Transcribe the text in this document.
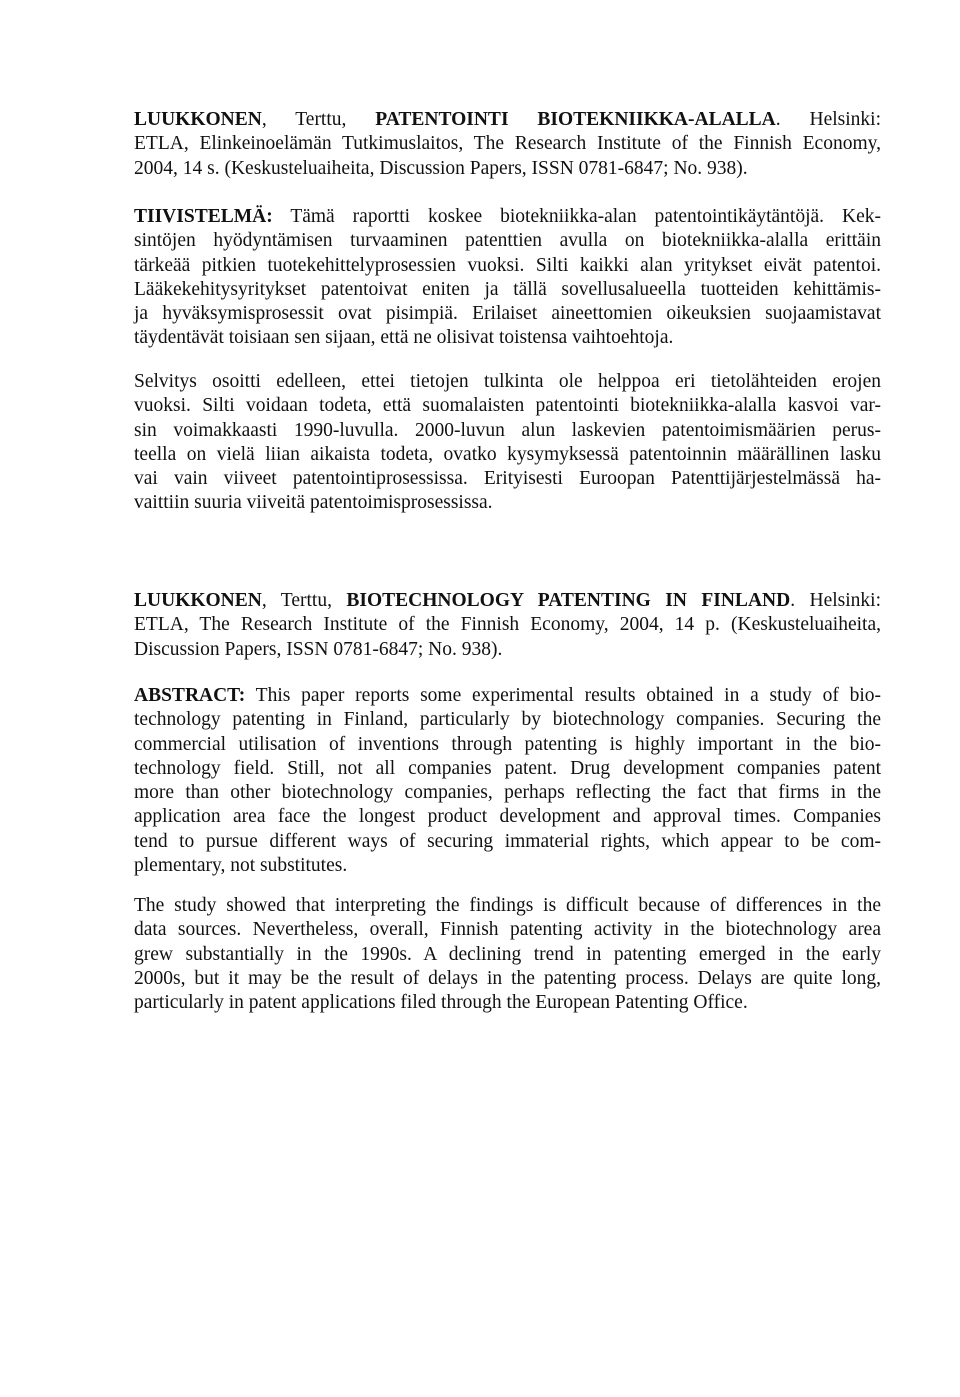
LUUKKONEN, Terttu, PATENTOINTI BIOTEKNIIKKA-ALALLA. Helsinki:
ETLA, Elinkeinoelämän Tutkimuslaitos, The Research Institute of the Finnish Economy,
2004, 14 s. (Keskusteluaiheita, Discussion Papers, ISSN 0781-6847; No. 938).
TIIVISTELMÄ: Tämä raportti koskee biotekniikka-alan patentointikäytäntöjä. Kek-
sintöjen hyödyntämisen turvaaminen patenttien avulla on biotekniikka-alalla erittäin
tärkeää pitkien tuotekehittelyprosessien vuoksi. Silti kaikki alan yritykset eivät patentoi.
Lääkekehitysyritykset patentoivat eniten ja tällä sovellusalueella tuotteiden kehittämis-
ja hyväksymisprosessit ovat pisimpiä. Erilaiset aineettomien oikeuksien suojaamistavat
täydentävät toisiaan sen sijaan, että ne olisivat toistensa vaihtoehtoja.
Selvitys osoitti edelleen, ettei tietojen tulkinta ole helppoa eri tietolähteiden erojen
vuoksi. Silti voidaan todeta, että suomalaisten patentointi biotekniikka-alalla kasvoi var-
sin voimakkaasti 1990-luvulla. 2000-luvun alun laskevien patentoimismäärien perus-
teella on vielä liian aikaista todeta, ovatko kysymyksessä patentoinnin määrällinen lasku
vai vain viiveet patentointiprosessissa. Erityisesti Euroopan Patenttijärjestelmässä ha-
vaittiin suuria viiveitä patentoimisprosessissa.
LUUKKONEN, Terttu, BIOTECHNOLOGY PATENTING IN FINLAND. Helsinki:
ETLA, The Research Institute of the Finnish Economy, 2004, 14 p. (Keskusteluaiheita,
Discussion Papers, ISSN 0781-6847; No. 938).
ABSTRACT: This paper reports some experimental results obtained in a study of bio-
technology patenting in Finland, particularly by biotechnology companies. Securing the
commercial utilisation of inventions through patenting is highly important in the bio-
technology field. Still, not all companies patent. Drug development companies patent
more than other biotechnology companies, perhaps reflecting the fact that firms in the
application area face the longest product development and approval times. Companies
tend to pursue different ways of securing immaterial rights, which appear to be com-
plementary, not substitutes.
The study showed that interpreting the findings is difficult because of differences in the
data sources. Nevertheless, overall, Finnish patenting activity in the biotechnology area
grew substantially in the 1990s. A declining trend in patenting emerged in the early
2000s, but it may be the result of delays in the patenting process. Delays are quite long,
particularly in patent applications filed through the European Patenting Office.
